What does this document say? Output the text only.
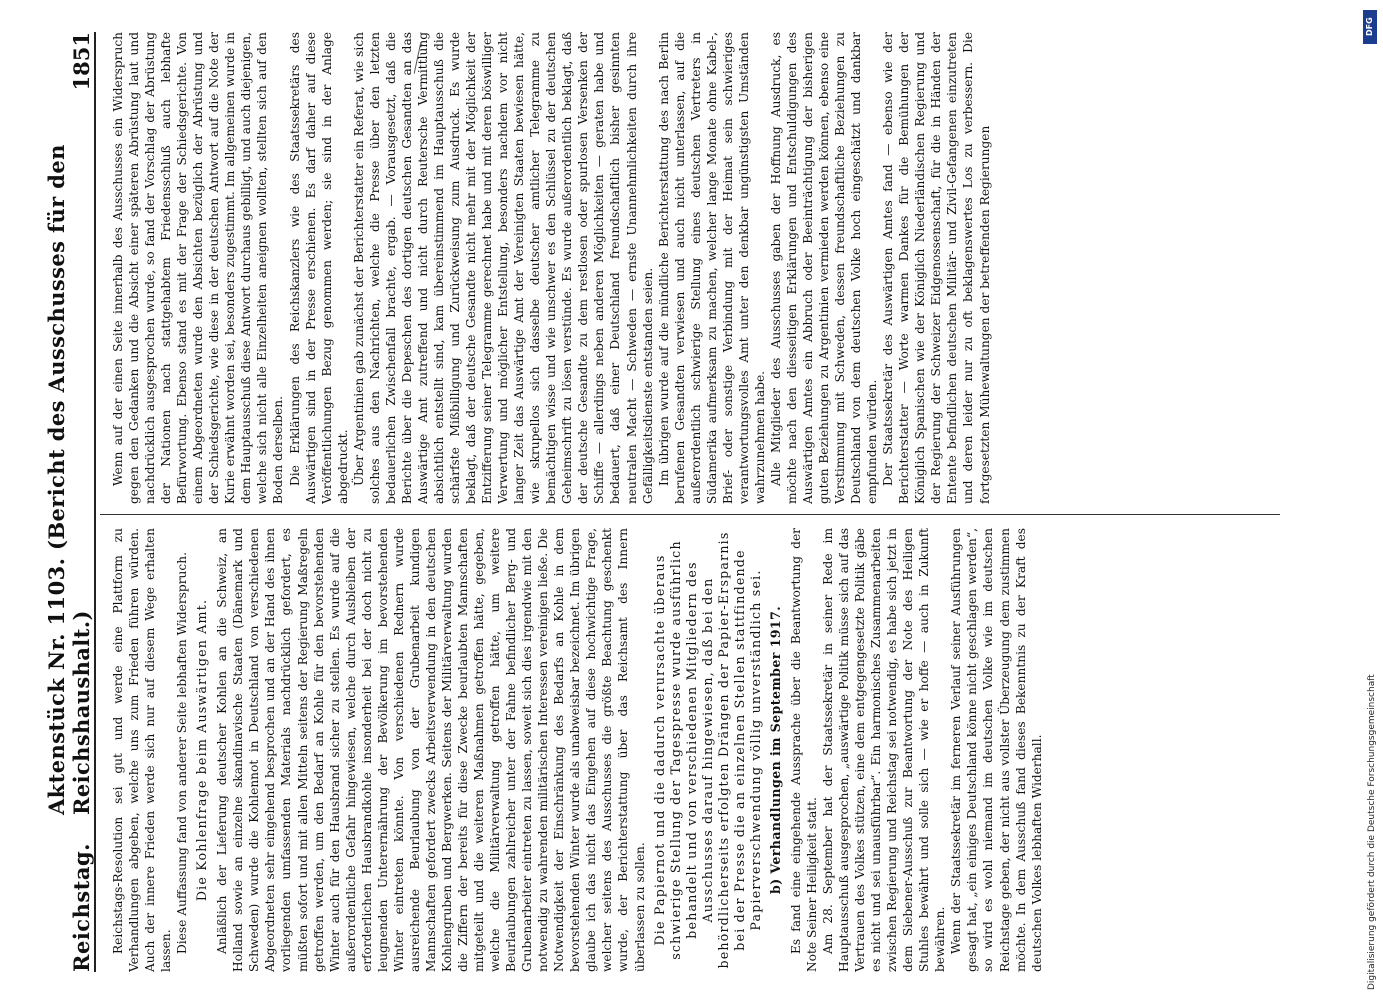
Reichstag.
Aktenstück Nr. 1103. (Bericht des Ausschusses für den Reichshaushalt.)
1851

Reichstags-Resolution sei gut und werde eine Plattform zu Verhandlungen abgeben, welche uns zum Frieden führen würden. Auch der innere Frieden werde sich nur auf diesem Wege erhalten lassen. Diese Auffassung fand von anderer Seite lebhaften Widerspruch. Die Kohlenfrage beim Auswärtigen Amt. Anläßlich der Lieferung deutscher Kohlen an die Schweiz, an Holland sowie an einzelne skandinavische Staaten (Dänemark und Schweden) wurde die Kohlennot in Deutschland von verschiedenen Abgeordneten sehr eingehend besprochen und an der Hand des ihnen vorliegenden umfassenden Materials nachdrücklich gefordert, es müßten sofort und mit allen Mitteln seitens der Regierung Maßregeln getroffen werden, um den Bedarf an Kohle für den bevorstehenden Winter auch für den Hausbrand sicher zu stellen. Es wurde auf die außerordentliche Gefahr hingewiesen, welche durch Ausbleiben der erforderlichen Hausbrandkohle insonderheit bei der doch nicht zu leugnenden Unterernährung der Bevölkerung im bevorstehenden Winter eintreten könnte. Von verschiedenen Rednern wurde ausreichende Beurlaubung von der Grubenarbeit kundigen Mannschaften gefordert zwecks Arbeitsverwendung in den deutschen Kohlengruben und Bergwerken. Seitens der Militärverwaltung wurden die Ziffern der bereits für diese Zwecke beurlaubten Mannschaften mitgeteilt und die weiteren Maßnahmen getroffen hätte, gegeben, welche die Militärverwaltung getroffen hätte, um weitere Beurlaubungen zahlreicher unter der Fahne befindlicher Berg- und Grubenarbeiter eintreten zu lassen, soweit sich dies irgendwie mit den notwendig zu wahrenden militärischen Interessen vereinigen ließe. Die Notwendigkeit der Einschränkung des Bedarfs an Kohle in dem bevorstehenden Winter wurde als unabweisbar bezeichnet. Im übrigen glaube ich das nicht das Eingehen auf diese hochwichtige Frage, welcher seitens des Ausschusses die größte Beachtung geschenkt wurde, der Berichterstattung über das Reichsamt des Innern überlassen zu sollen. Die Papiernot und die dadurch verursachte überaus schwierige Stellung der Tagespresse wurde ausführlich behandelt und von verschiedenen Mitgliedern des Ausschusses darauf hingewiesen, daß bei den behördlicherseits erfolgten Drängen der Papier-Ersparnis bei der Presse die an einzelnen Stellen stattfindende Papierverschwendung völlig unverständlich sei. b) Verhandlungen im September 1917. Es fand eine eingehende Aussprache über die Beantwortung der Note Seiner Heiligkeit statt. Am 28. September hat der Staatssekretär in seiner Rede im Hauptausschuß ausgesprochen, „auswärtige Politik müsse sich auf das Vertrauen des Volkes stützen, eine dem entgegengesetzte Politik gäbe es nicht und sei unausführbar“. Ein harmonisches Zusammenarbeiten zwischen Regierung und Reichstag sei notwendig, es habe sich jetzt in dem Siebener-Ausschuß zur Beantwortung der Note des Heiligen Stuhles bewährt und solle sich — wie er hoffe — auch in Zukunft bewähren. Wenn der Staatssekretär im ferneren Verlauf seiner Ausführungen gesagt hat, „ein einiges Deutschland könne nicht geschlagen werden“, so wird es wohl niemand im deutschen Volke wie im deutschen Reichstage geben, der nicht aus vollster Überzeugung dem zustimmen möchte. In dem Ausschuß fand dieses Bekenntnis zu der Kraft des deutschen Volkes lebhaften Widerhall.

Wenn auf der einen Seite innerhalb des Ausschusses ein Widerspruch gegen den Gedanken und die Absicht einer späteren Abrüstung laut und nachdrücklich ausgesprochen wurde, so fand der Vorschlag der Abrüstung der Nationen nach stattgehabtem Friedensschluß auch lebhafte Befürwortung. Ebenso stand es mit der Frage der Schiedsgerichte. Von einem Abgeordneten wurde den Absichten bezüglich der Abrüstung und der Schiedsgerichte, wie diese in der deutschen Antwort auf die Note der Kurie erwähnt worden sei, besonders zugestimmt. Im allgemeinen wurde in dem Hauptausschuß diese Antwort durchaus gebilligt, und auch diejenigen, welche sich nicht alle Einzelheiten aneignen wollten, stellten sich auf den Boden derselben. Die Erklärungen des Reichskanzlers wie des Staatssekretärs des Auswärtigen sind in der Presse erschienen. Es darf daher auf diese Veröffentlichungen Bezug genommen werden; sie sind in der Anlage abgedruckt. Über Argentinien gab zunächst der Berichterstatter ein Referat, wie sich solches aus den Nachrichten, welche die Presse über den letzten bedauerlichen Zwischenfall brachte, ergab. — Vorausgesetzt, daß die Berichte über die Depeschen des dortigen deutschen Gesandten an das Auswärtige Amt zutreffend und nicht durch Reutersche Vermittlung absichtlich entstellt sind, kam übereinstimmend im Hauptausschuß die schärfste Mißbilligung und Zurückweisung zum Ausdruck. Es wurde beklagt, daß der deutsche Gesandte nicht mehr mit der Möglichkeit der Entzifferung seiner Telegramme gerechnet habe und mit deren böswilliger Verwertung und möglicher Entstellung, besonders nachdem vor nicht langer Zeit das Auswärtige Amt der Vereinigten Staaten bewiesen hätte, wie skrupellos sich dasselbe deutscher amtlicher Telegramme zu bemächtigen wisse und wie unschwer es den Schlüssel zu der deutschen Geheimschrift zu lösen verstünde. Es wurde außerordentlich beklagt, daß der deutsche Gesandte zu dem restlosen oder spurlosen Versenken der Schiffe — allerdings neben anderen Möglichkeiten — geraten habe und bedauert, daß einer Deutschland freundschaftlich bisher gesinnten neutralen Macht — Schweden — ernste Unannehmlichkeiten durch ihre Gefälligkeitsdienste entstanden seien. Im übrigen wurde auf die mündliche Berichterstattung des nach Berlin berufenen Gesandten verwiesen und auch nicht unterlassen, auf die außerordentlich schwierige Stellung eines deutschen Vertreters in Südamerika aufmerksam zu machen, welcher lange Monate ohne Kabel-, Brief- oder sonstige Verbindung mit der Heimat sein schwieriges verantwortungsvolles Amt unter den denkbar ungünstigsten Umständen wahrzunehmen habe. Alle Mitglieder des Ausschusses gaben der Hoffnung Ausdruck, es möchte nach den diesseitigen Erklärungen und Entschuldigungen des Auswärtigen Amtes ein Abbruch oder Beeinträchtigung der bisherigen guten Beziehungen zu Argentinien vermieden werden können, ebenso eine Verstimmung mit Schweden, dessen freundschaftliche Beziehungen zu Deutschland von dem deutschen Volke hoch eingeschätzt und dankbar empfunden würden. Der Staatssekretär des Auswärtigen Amtes fand — ebenso wie der Berichterstatter — Worte warmen Dankes für die Bemühungen der Königlich Spanischen wie der Königlich Niederländischen Regierung und der Regierung der Schweizer Eidgenossenschaft, für die in Händen der Entente befindlichen deutschen Militär- und Zivil-Gefangenen einzutreten und deren leider nur zu oft beklagenswertes Los zu verbessern. Die fortgesetzten Mühewaltungen der betreffenden Regierungen

DFG
Digitalisierung gefördert durch die Deutsche Forschungsgemeinschaft
